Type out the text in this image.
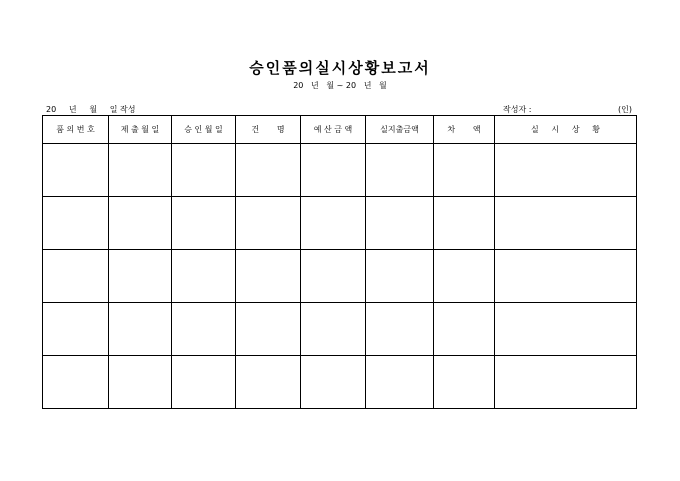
승인품의실시상황보고서
20   년   월 ~ 20   년   월
20     년     월     일 작성	작성자 :	(인)
품 의 번 호	제 출 월 일	승 인 월 일	건       명	예 산 금 액	실지출금액	차       액	실     시     상     황
